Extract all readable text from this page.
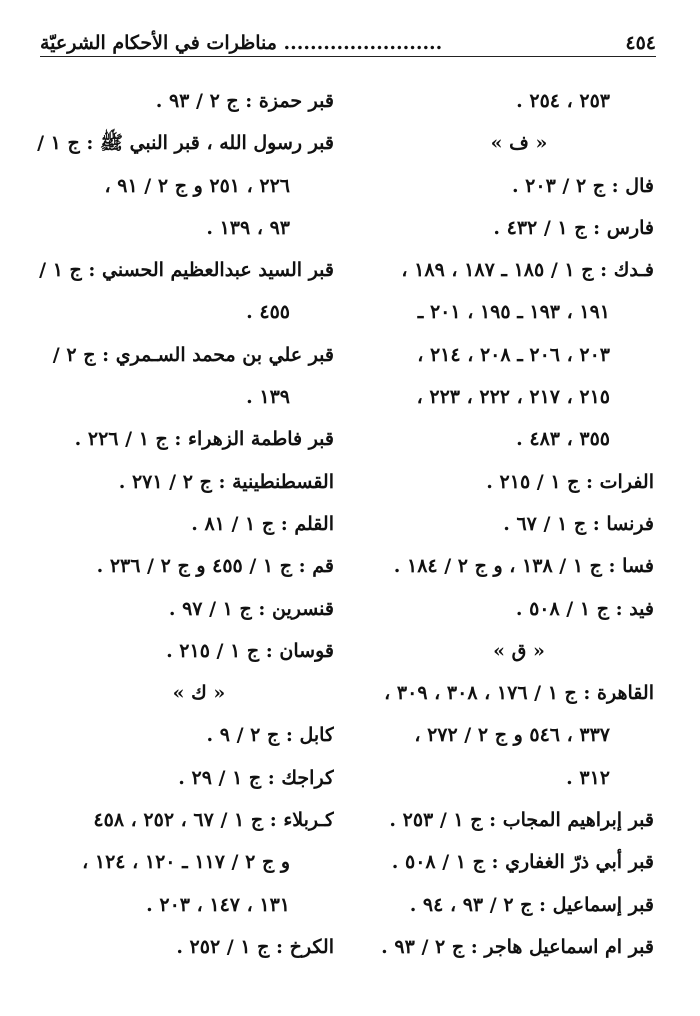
٤٥٤
........................ مناظرات في الأحكام الشرعيّة
٢٥٣ ، ٢٥٤ .
« ف »
فال : ج ٢ / ٢٠٣ .
فارس : ج ١ / ٤٣٢ .
فـدك : ج ١ / ١٨٥ ـ ١٨٧ ، ١٨٩ ،
١٩١ ، ١٩٣ ـ ١٩٥ ، ٢٠١ ـ
٢٠٣ ، ٢٠٦ ـ ٢٠٨ ، ٢١٤ ،
٢١٥ ، ٢١٧ ، ٢٢٢ ، ٢٢٣ ،
٣٥٥ ، ٤٨٣ .
الفرات : ج ١ / ٢١٥ .
فرنسا : ج ١ / ٦٧ .
فسا : ج ١ / ١٣٨ ، و ج ٢ / ١٨٤ .
فيد : ج ١ / ٥٠٨ .
« ق »
القاهرة : ج ١ / ١٧٦ ، ٣٠٨ ، ٣٠٩ ،
٣٣٧ ، ٥٤٦ و ج ٢ / ٢٧٢ ،
٣١٢ .
قبر إبراهيم المجاب : ج ١ / ٢٥٣ .
قبر أبي ذرّ الغفاري : ج ١ / ٥٠٨ .
قبر إسماعيل : ج ٢ / ٩٣ ، ٩٤ .
قبر ام اسماعيل هاجر : ج ٢ / ٩٣ .
قبر حمزة : ج ٢ / ٩٣ .
قبر رسول الله ، قبر النبي ﷺ : ج ١ /
٢٢٦ ، ٢٥١ و ج ٢ / ٩١ ،
٩٣ ، ١٣٩ .
قبر السيد عبدالعظيم الحسني : ج ١ /
٤٥٥ .
قبر علي بن محمد السـمري : ج ٢ /
١٣٩ .
قبر فاطمة الزهراء : ج ١ / ٢٢٦ .
القسطنطينية : ج ٢ / ٢٧١ .
القلم : ج ١ / ٨١ .
قم : ج ١ / ٤٥٥ و ج ٢ / ٢٣٦ .
قنسرين : ج ١ / ٩٧ .
قوسان : ج ١ / ٢١٥ .
« ك »
كابل : ج ٢ / ٩ .
كراجك : ج ١ / ٢٩ .
كـربلاء : ج ١ / ٦٧ ، ٢٥٢ ، ٤٥٨
و ج ٢ / ١١٧ ـ ١٢٠ ، ١٢٤ ،
١٣١ ، ١٤٧ ، ٢٠٣ .
الكرخ : ج ١ / ٢٥٢ .
